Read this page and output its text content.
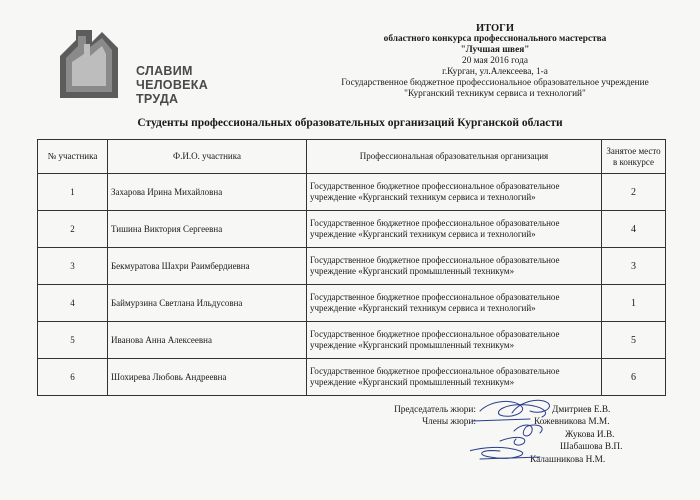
СЛАВИМ
ЧЕЛОВЕКА
ТРУДА
ИТОГИ
областного конкурса профессионального мастерства
"Лучшая швея"
20 мая 2016 года
г.Курган, ул.Алексеева, 1-а
Государственное бюджетное профессиональное образовательное учреждение
"Курганский техникум сервиса и технологий"
Студенты профессиональных образовательных организаций Курганской области
№ участника	Ф.И.О. участника	Профессиональная образовательная организация	Занятое место в конкурсе
1	Захарова Ирина Михайловна	Государственное бюджетное профессиональное образовательное учреждение «Курганский техникум сервиса и технологий»	2
2	Тишина Виктория Сергеевна	Государственное бюджетное профессиональное образовательное учреждение «Курганский техникум сервиса и технологий»	4
3	Бекмуратова Шахри Раимбердиевна	Государственное бюджетное профессиональное образовательное учреждение «Курганский промышленный техникум»	3
4	Баймурзина Светлана Ильдусовна	Государственное бюджетное профессиональное образовательное учреждение «Курганский техникум сервиса и технологий»	1
5	Иванова Анна Алексеевна	Государственное бюджетное профессиональное образовательное учреждение «Курганский промышленный техникум»	5
6	Шохирева Любовь Андреевна	Государственное бюджетное профессиональное образовательное учреждение «Курганский промышленный техникум»	6
Председатель жюри:	Дмитриев Е.В.
Члены жюри:	Кожевникова М.М.
Жукова И.В.
Шабашова В.П.
Калашникова Н.М.
